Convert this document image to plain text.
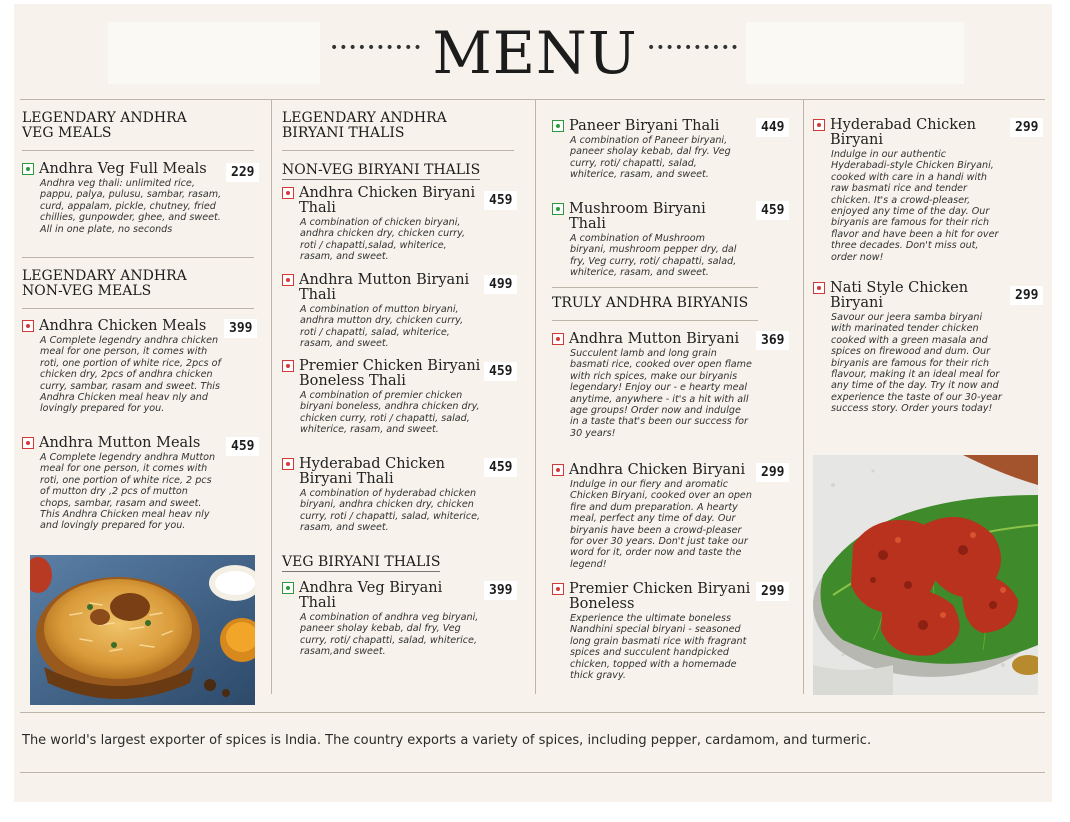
•••••••••• MENU ••••••••••
LEGENDARY ANDHRA VEG MEALS
Andhra Veg Full Meals
Andhra veg thali: unlimited rice, pappu, palya, pulusu, sambar, rasam, curd, appalam, pickle, chutney, fried chillies, gunpowder, ghee, and sweet. All in one plate, no seconds
229
LEGENDARY ANDHRA NON-VEG MEALS
Andhra Chicken Meals
A Complete legendry andhra chicken meal for one person, it comes with roti, one portion of white rice, 2pcs of chicken dry, 2pcs of andhra chicken curry, sambar, rasam and sweet. This Andhra Chicken meal heav nly and lovingly prepared for you.
399
Andhra Mutton Meals
A Complete legendry andhra Mutton meal for one person, it comes with roti, one portion of white rice, 2 pcs of mutton dry ,2 pcs of mutton chops, sambar, rasam and sweet. This Andhra Chicken meal heav nly and lovingly prepared for you.
459
LEGENDARY ANDHRA BIRYANI THALIS
NON-VEG BIRYANI THALIS
Andhra Chicken Biryani Thali
A combination of chicken biryani, andhra chicken dry, chicken curry, roti / chapatti,salad, whiterice, rasam, and sweet.
459
Andhra Mutton Biryani Thali
A combination of mutton biryani, andhra mutton dry, chicken curry, roti / chapatti, salad, whiterice, rasam, and sweet.
499
Premier Chicken Biryani Boneless Thali
A combination of premier chicken biryani boneless, andhra chicken dry, chicken curry, roti / chapatti, salad, whiterice, rasam, and sweet.
459
Hyderabad Chicken Biryani Thali
A combination of hyderabad chicken biryani, andhra chicken dry, chicken curry, roti / chapatti, salad, whiterice, rasam, and sweet.
459
VEG BIRYANI THALIS
Andhra Veg Biryani Thali
A combination of andhra veg biryani, paneer sholay kebab, dal fry, Veg curry, roti/ chapatti, salad, whiterice, rasam,and sweet.
399
Paneer Biryani Thali
A combination of Paneer biryani, paneer sholay kebab, dal fry. Veg curry, roti/ chapatti, salad, whiterice, rasam, and sweet.
449
Mushroom Biryani Thali
A combination of Mushroom biryani, mushroom pepper dry, dal fry, Veg curry, roti/ chapatti, salad, whiterice, rasam, and sweet.
459
TRULY ANDHRA BIRYANIS
Andhra Mutton Biryani
Succulent lamb and long grain basmati rice, cooked over open flame with rich spices, make our biryanis legendary! Enjoy our - e hearty meal anytime, anywhere - it's a hit with all age groups! Order now and indulge in a taste that's been our success for 30 years!
369
Andhra Chicken Biryani
Indulge in our fiery and aromatic Chicken Biryani, cooked over an open fire and dum preparation. A hearty meal, perfect any time of day. Our biryanis have been a crowd-pleaser for over 30 years. Don't just take our word for it, order now and taste the legend!
299
Premier Chicken Biryani Boneless
Experience the ultimate boneless Nandhini special biryani - seasoned long grain basmati rice with fragrant spices and succulent handpicked chicken, topped with a homemade thick gravy.
299
Hyderabad Chicken Biryani
Indulge in our authentic Hyderabadi-style Chicken Biryani, cooked with care in a handi with raw basmati rice and tender chicken. It's a crowd-pleaser, enjoyed any time of the day. Our biryanis are famous for their rich flavor and have been a hit for over three decades. Don't miss out, order now!
299
Nati Style Chicken Biryani
Savour our jeera samba biryani with marinated tender chicken cooked with a green masala and spices on firewood and dum. Our biryanis are famous for their rich flavour, making it an ideal meal for any time of the day. Try it now and experience the taste of our 30-year success story. Order yours today!
299
The world's largest exporter of spices is India. The country exports a variety of spices, including pepper, cardamom, and turmeric.
